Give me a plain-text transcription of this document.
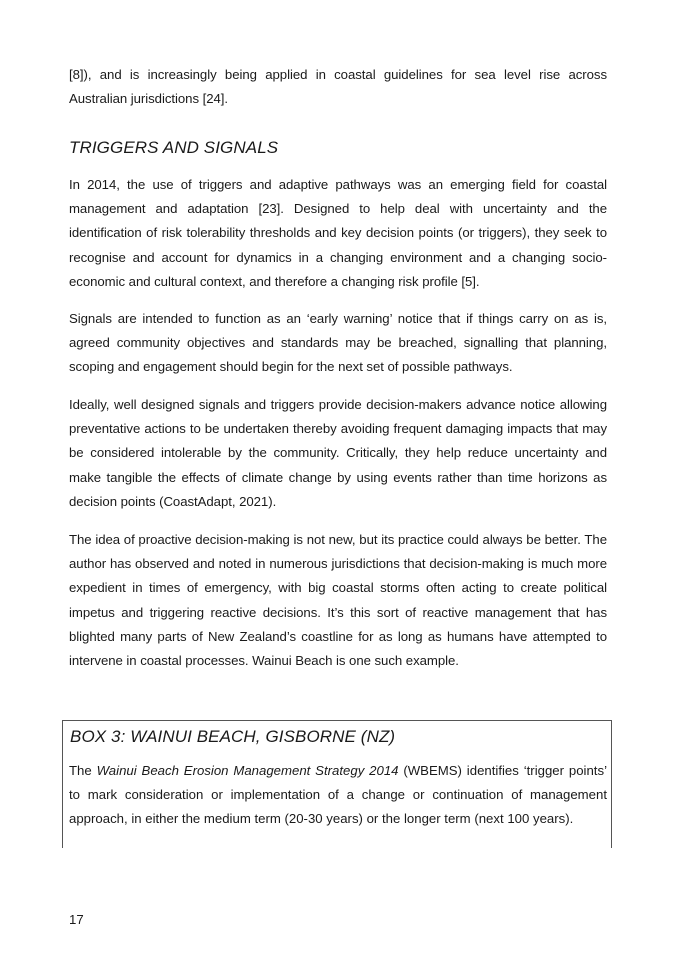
[8]), and is increasingly being applied in coastal guidelines for sea level rise across Australian jurisdictions [24].

TRIGGERS AND SIGNALS

In 2014, the use of triggers and adaptive pathways was an emerging field for coastal management and adaptation [23]. Designed to help deal with uncertainty and the identification of risk tolerability thresholds and key decision points (or triggers), they seek to recognise and account for dynamics in a changing environment and a changing socio-economic and cultural context, and therefore a changing risk profile [5].

Signals are intended to function as an ‘early warning’ notice that if things carry on as is, agreed community objectives and standards may be breached, signalling that planning, scoping and engagement should begin for the next set of possible pathways.

Ideally, well designed signals and triggers provide decision-makers advance notice allowing preventative actions to be undertaken thereby avoiding frequent damaging impacts that may be considered intolerable by the community. Critically, they help reduce uncertainty and make tangible the effects of climate change by using events rather than time horizons as decision points (CoastAdapt, 2021).

The idea of proactive decision-making is not new, but its practice could always be better. The author has observed and noted in numerous jurisdictions that decision-making is much more expedient in times of emergency, with big coastal storms often acting to create political impetus and triggering reactive decisions. It’s this sort of reactive management that has blighted many parts of New Zealand’s coastline for as long as humans have attempted to intervene in coastal processes. Wainui Beach is one such example.

BOX 3: WAINUI BEACH, GISBORNE (NZ)

The Wainui Beach Erosion Management Strategy 2014 (WBEMS) identifies ‘trigger points’ to mark consideration or implementation of a change or continuation of management approach, in either the medium term (20-30 years) or the longer term (next 100 years).

17
